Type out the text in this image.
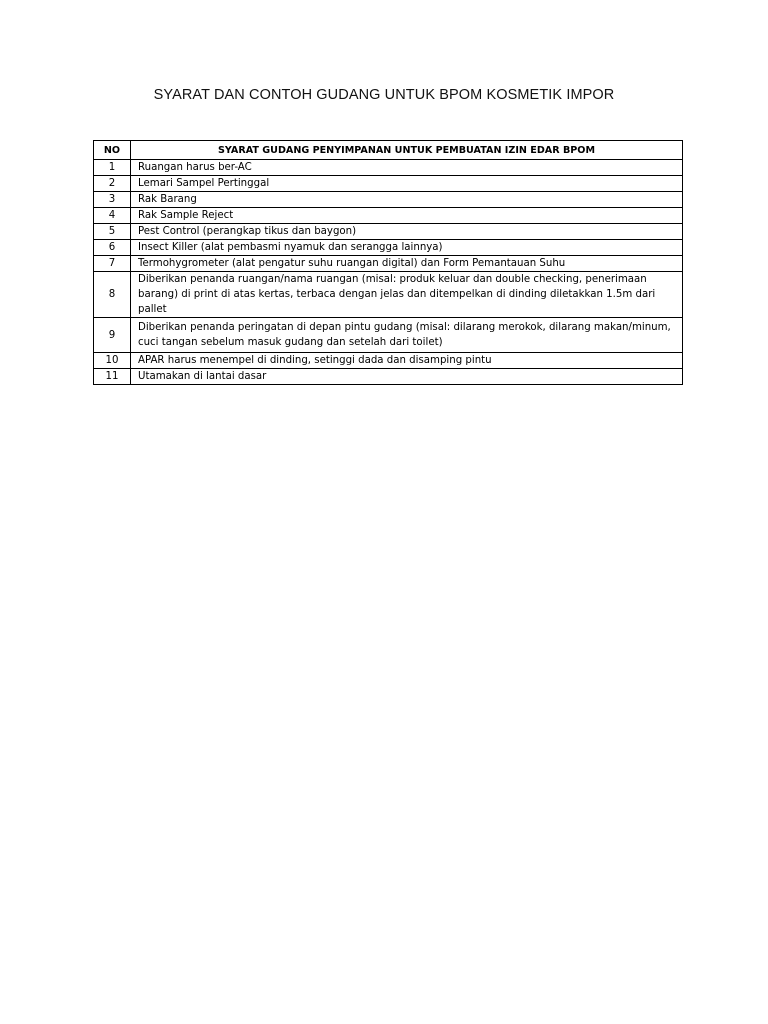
SYARAT DAN CONTOH GUDANG UNTUK BPOM KOSMETIK IMPOR
NO	SYARAT GUDANG PENYIMPANAN UNTUK PEMBUATAN IZIN EDAR BPOM
1	Ruangan harus ber-AC
2	Lemari Sampel Pertinggal
3	Rak Barang
4	Rak Sample Reject
5	Pest Control (perangkap tikus dan baygon)
6	Insect Killer (alat pembasmi nyamuk dan serangga lainnya)
7	Termohygrometer (alat pengatur suhu ruangan digital) dan Form Pemantauan Suhu
8	Diberikan penanda ruangan/nama ruangan (misal: produk keluar dan double checking, penerimaan barang) di print di atas kertas, terbaca dengan jelas dan ditempelkan di dinding diletakkan 1.5m dari pallet
9	Diberikan penanda peringatan di depan pintu gudang (misal: dilarang merokok, dilarang makan/minum, cuci tangan sebelum masuk gudang dan setelah dari toilet)
10	APAR harus menempel di dinding, setinggi dada dan disamping pintu
11	Utamakan di lantai dasar
